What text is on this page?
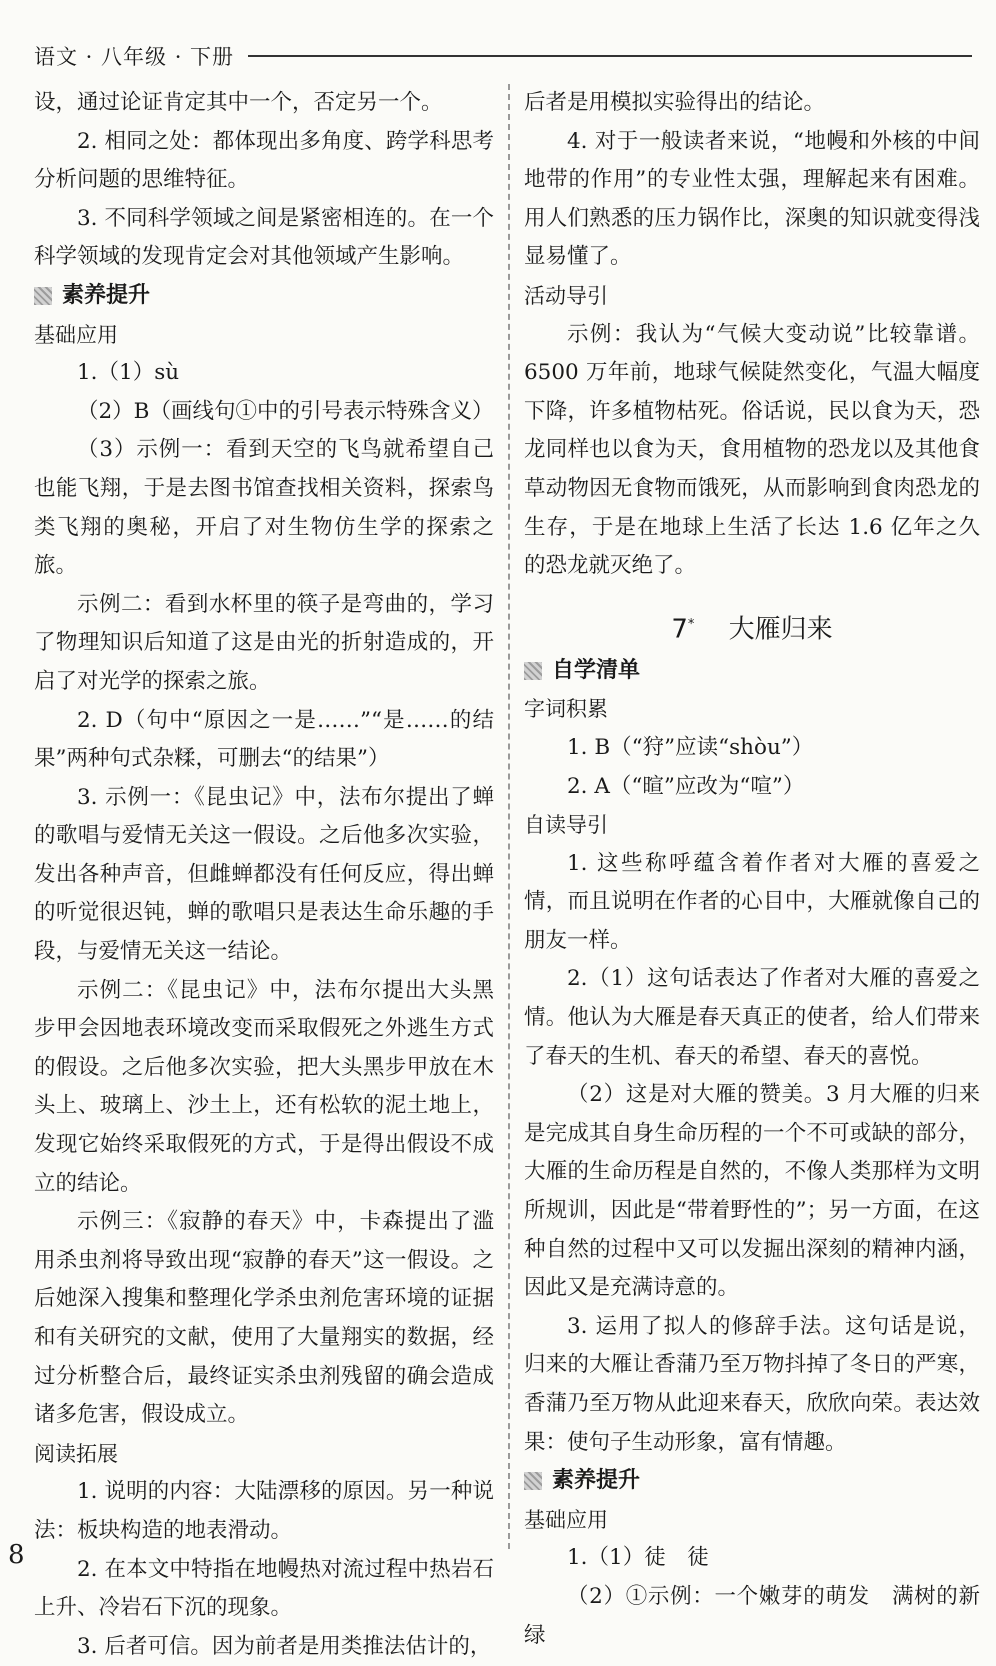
语文 · 八年级 · 下册

设，通过论证肯定其中一个，否定另一个。

2. 相同之处：都体现出多角度、跨学科思考分析问题的思维特征。

3. 不同科学领域之间是紧密相连的。在一个科学领域的发现肯定会对其他领域产生影响。

素养提升
基础应用

1.（1）sù

（2）B（画线句①中的引号表示特殊含义）

（3）示例一：看到天空的飞鸟就希望自己也能飞翔，于是去图书馆查找相关资料，探索鸟类飞翔的奥秘，开启了对生物仿生学的探索之旅。

示例二：看到水杯里的筷子是弯曲的，学习了物理知识后知道了这是由光的折射造成的，开启了对光学的探索之旅。

2. D（句中“原因之一是……”“是……的结果”两种句式杂糅，可删去“的结果”）

3. 示例一：《昆虫记》中，法布尔提出了蝉的歌唱与爱情无关这一假设。之后他多次实验，发出各种声音，但雌蝉都没有任何反应，得出蝉的听觉很迟钝，蝉的歌唱只是表达生命乐趣的手段，与爱情无关这一结论。

示例二：《昆虫记》中，法布尔提出大头黑步甲会因地表环境改变而采取假死之外逃生方式的假设。之后他多次实验，把大头黑步甲放在木头上、玻璃上、沙土上，还有松软的泥土地上，发现它始终采取假死的方式，于是得出假设不成立的结论。

示例三：《寂静的春天》中，卡森提出了滥用杀虫剂将导致出现“寂静的春天”这一假设。之后她深入搜集和整理化学杀虫剂危害环境的证据和有关研究的文献，使用了大量翔实的数据，经过分析整合后，最终证实杀虫剂残留的确会造成诸多危害，假设成立。

阅读拓展

1. 说明的内容：大陆漂移的原因。另一种说法：板块构造的地表滑动。

2. 在本文中特指在地幔热对流过程中热岩石上升、冷岩石下沉的现象。

3. 后者可信。因为前者是用类推法估计的，

后者是用模拟实验得出的结论。

4. 对于一般读者来说，“地幔和外核的中间地带的作用”的专业性太强，理解起来有困难。用人们熟悉的压力锅作比，深奥的知识就变得浅显易懂了。

活动导引

示例：我认为“气候大变动说”比较靠谱。6500 万年前，地球气候陡然变化，气温大幅度下降，许多植物枯死。俗话说，民以食为天，恐龙同样也以食为天，食用植物的恐龙以及其他食草动物因无食物而饿死，从而影响到食肉恐龙的生存，于是在地球上生活了长达 1.6 亿年之久的恐龙就灭绝了。

7*  大雁归来
自学清单
字词积累

1. B（“狩”应读“shòu”）

2. A（“暄”应改为“喧”）

自读导引

1. 这些称呼蕴含着作者对大雁的喜爱之情，而且说明在作者的心目中，大雁就像自己的朋友一样。

2.（1）这句话表达了作者对大雁的喜爱之情。他认为大雁是春天真正的使者，给人们带来了春天的生机、春天的希望、春天的喜悦。

（2）这是对大雁的赞美。3 月大雁的归来是完成其自身生命历程的一个不可或缺的部分，大雁的生命历程是自然的，不像人类那样为文明所规训，因此是“带着野性的”；另一方面，在这种自然的过程中又可以发掘出深刻的精神内涵，因此又是充满诗意的。

3. 运用了拟人的修辞手法。这句话是说，归来的大雁让香蒲乃至万物抖掉了冬日的严寒，香蒲乃至万物从此迎来春天，欣欣向荣。表达效果：使句子生动形象，富有情趣。

素养提升
基础应用

1.（1）徒　徒

（2）①示例：一个嫩芽的萌发　满树的新绿

8
